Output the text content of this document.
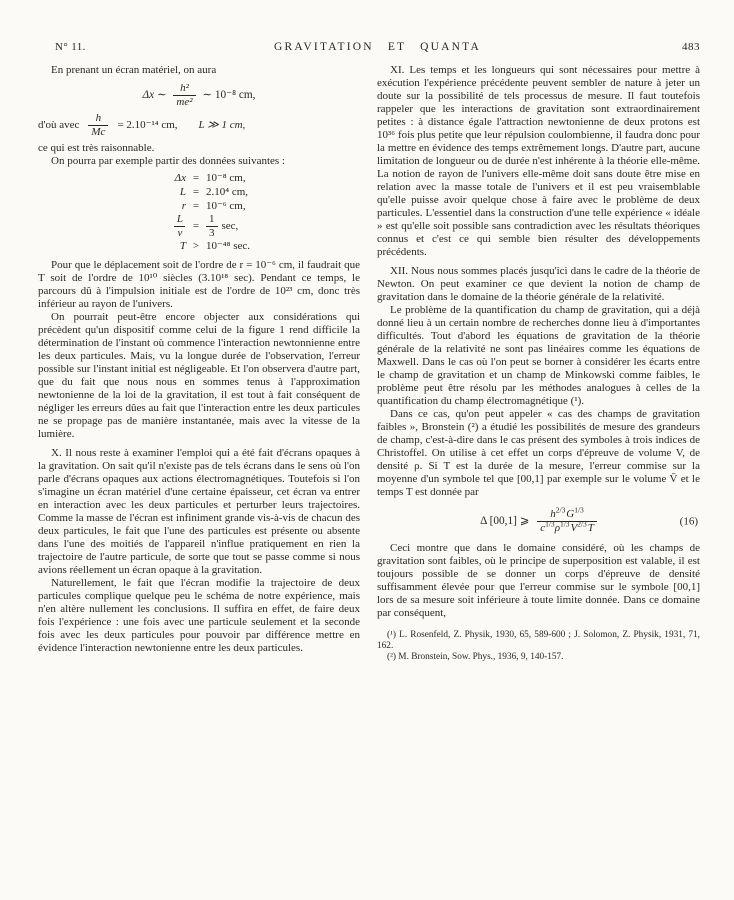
N° 11.	GRAVITATION ET QUANTA	483

En prenant un écran matériel, on aura

Δx ∼ $\frac{\text{h²}}{\text{me²}}$ ∼ 10⁻⁸ cm,
d'où avec $\frac{h}{Mc} = 2.10^{-14}$ cm, L ≫ 1 cm,

ce qui est très raisonnable.

On pourra par exemple partir des données suivantes :

Δx = 10⁻⁸ cm,
L = 2.10⁴ cm,
r = 10⁻⁶ cm,
$\frac{L}{v} = \frac{1}{3} \sec$,
T > 10⁻⁴⁸ sec.

Pour que le déplacement soit de l'ordre de r = 10⁻⁶ cm, il faudrait que T soit de l'ordre de 10¹⁰ siècles (3.10¹⁸ sec). Pendant ce temps, le parcours dû à l'impulsion initiale est de l'ordre de 10²³ cm, donc très inférieur au rayon de l'univers.

On pourrait peut-être encore objecter aux considérations qui précèdent qu'un dispositif comme celui de la figure 1 rend difficile la détermination de l'instant où commence l'interaction newtonnienne entre les deux particules. Mais, vu la longue durée de l'observation, l'erreur possible sur l'instant initial est négligeable. Et l'on observera d'autre part, que du fait que nous nous en sommes tenus à l'approximation newtonienne de la loi de la gravitation, il est tout à fait conséquent de négliger les erreurs dûes au fait que l'interaction entre les deux particules ne se propage pas de manière instantanée, mais avec la vitesse de la lumière.

X. Il nous reste à examiner l'emploi qui a été fait d'écrans opaques à la gravitation. On sait qu'il n'existe pas de tels écrans dans le sens où l'on parle d'écrans opaques aux actions électromagnétiques. Toutefois si l'on s'imagine un écran matériel d'une certaine épaisseur, cet écran va entrer en interaction avec les deux particules et perturber leurs trajectoires. Comme la masse de l'écran est infiniment grande vis-à-vis de chacun des deux particules, le fait que l'une des particules est présente ou absente dans l'une des moitiés de l'appareil n'influe pratiquement en rien la trajectoire de l'autre particule, de sorte que tout se passe comme si nous avions réellement un écran opaque à la gravitation.

Naturellement, le fait que l'écran modifie la trajectoire de deux particules complique quelque peu le schéma de notre expérience, mais n'en altère nullement les conclusions. Il suffira en effet, de faire deux fois l'expérience : une fois avec une particule seulement et la seconde fois avec les deux particules pour pouvoir par différence mettre en évidence l'interaction newtonienne entre les deux particules.

XI. Les temps et les longueurs qui sont nécessaires pour mettre à exécution l'expérience précédente peuvent sembler de nature à jeter un doute sur la possibilité de tels processus de mesure. Il faut toutefois rappeler que les interactions de gravitation sont extraordinairement petites : à distance égale l'attraction newtonienne de deux protons est 10³⁶ fois plus petite que leur répulsion coulombienne, il faudra donc pour la mettre en évidence des temps extrêmement longs. D'autre part, aucune limitation de longueur ou de durée n'est inhérente à la théorie elle-même. La notion de rayon de l'univers elle-même doit sans doute être mise en relation avec la masse totale de l'univers et il est peu vraisemblable qu'elle puisse avoir quelque chose à faire avec le problème de deux particules. L'essentiel dans la construction d'une telle expérience « idéale » est qu'elle soit possible sans contradiction avec les résultats théoriques connus et c'est ce qui semble bien résulter des développements précédents.

XII. Nous nous sommes placés jusqu'ici dans le cadre de la théorie de Newton. On peut examiner ce que devient la notion de champ de gravitation dans le domaine de la théorie générale de la relativité.

Le problème de la quantification du champ de gravitation, qui a déjà donné lieu à un certain nombre de recherches donne lieu à d'importantes difficultés. Tout d'abord les équations de gravitation de la théorie générale de la relativité ne sont pas linéaires comme les équations de Maxwell. Dans le cas où l'on peut se borner à considérer les écarts entre le champ de gravitation et un champ de Minkowski comme faibles, le problème peut être résolu par les méthodes analogues à celles de la quantification du champ électromagnétique (¹).

Dans ce cas, qu'on peut appeler « cas des champs de gravitation faibles », Bronstein (²) a étudié les possibilités de mesure des grandeurs de champ, c'est-à-dire dans le cas présent des symboles à trois indices de Christoffel. On utilise à cet effet un corps d'épreuve de volume V, de densité ρ. Si T est la durée de la mesure, l'erreur commise sur la moyenne d'un symbole tel que [00,1] par exemple sur le volume V̄ et le temps T est donnée par

Δ [00,1] ⩾ $\frac{h^{2/3} G^{1/3}}{c^{1/3}\rho^{1/3} V^{2/3} \overline{T}}$	(16)

Ceci montre que dans le domaine considéré, où les champs de gravitation sont faibles, où le principe de superposition est valable, il est toujours possible de se donner un corps d'épreuve de densité suffisamment élevée pour que l'erreur commise sur le symbole [00,1] lors de sa mesure soit inférieure à toute limite donnée. Dans ce domaine par conséquent,

(¹) L. Rosenfeld, Z. Physik, 1930, 65, 589-600 ; J. Solomon, Z. Physik, 1931, 71, 162.

(²) M. Bronstein, Sow. Phys., 1936, 9, 140-157.
